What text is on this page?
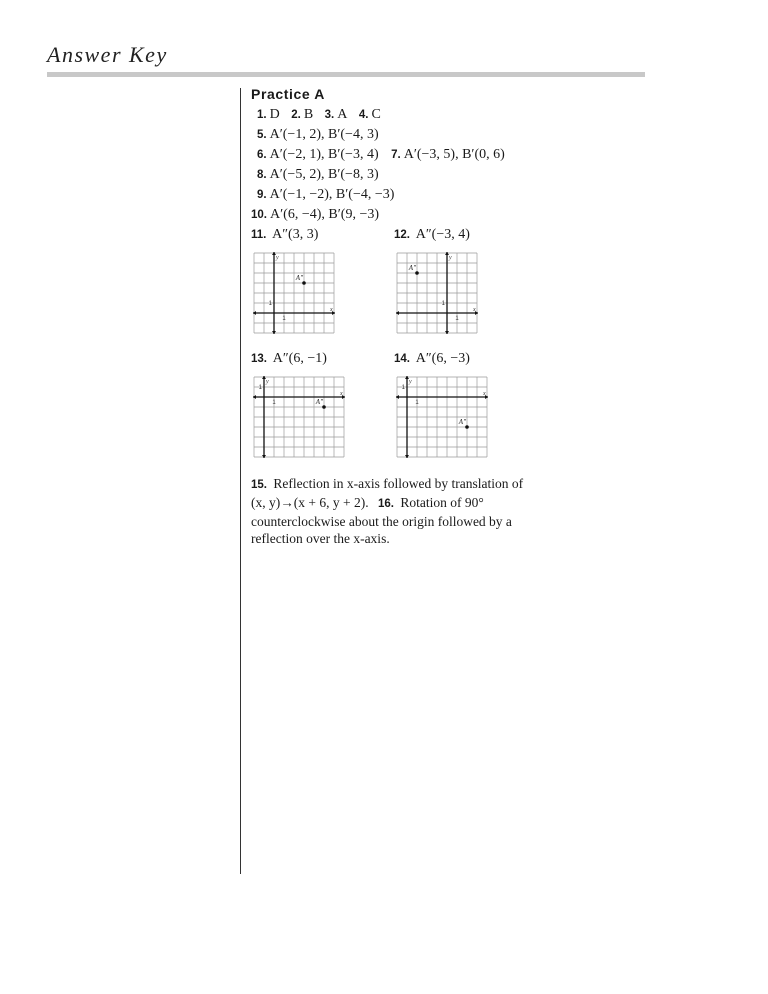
Answer Key
Practice A
1. D 2. B 3. A 4. C
5. A′(−1, 2), B′(−4, 3)
6. A′(−2, 1), B′(−3, 4) 7. A′(−3, 5), B′(0, 6)
8. A′(−5, 2), B′(−8, 3)
9. A′(−1, −2), B′(−4, −3)
10. A′(6, −4), B′(9, −3)
11. A″(3, 3)	12. A″(−3, 4)
y
x
1
1
A″
y
x
1
1
A″
13. A″(6, −1)	14. A″(6, −3)
y
x
1
1	A″
y
x
1
1
A″
15. Reflection in x-axis followed by translation of (x, y)→(x + 6, y + 2). 16. Rotation of 90° counterclockwise about the origin followed by a reflection over the x-axis.
